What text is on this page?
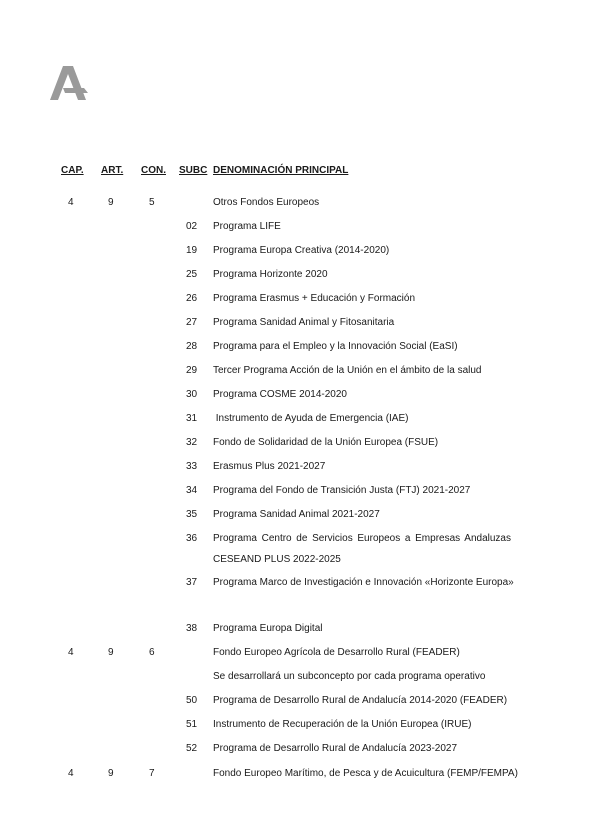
CAP. ART. CON. SUBC DENOMINACIÓN PRINCIPAL
4	9	5	Otros Fondos Europeos
02 Programa LIFE
19 Programa Europa Creativa (2014-2020)
25 Programa Horizonte 2020
26 Programa Erasmus + Educación y Formación
27 Programa Sanidad Animal y Fitosanitaria
28 Programa para el Empleo y la Innovación Social (EaSI)
29 Tercer Programa Acción de la Unión en el ámbito de la salud
30 Programa COSME 2014-2020
31 Instrumento de Ayuda de Emergencia (IAE)
32 Fondo de Solidaridad de la Unión Europea (FSUE)
33 Erasmus Plus 2021-2027
34 Programa del Fondo de Transición Justa (FTJ) 2021-2027
35 Programa Sanidad Animal 2021-2027
36 Programa Centro de Servicios Europeos a Empresas Andaluzas CESEAND PLUS 2022-2025
37 Programa Marco de Investigación e Innovación «Horizonte Europa»
38 Programa Europa Digital
4	9	6	Fondo Europeo Agrícola de Desarrollo Rural (FEADER)
Se desarrollará un subconcepto por cada programa operativo
50 Programa de Desarrollo Rural de Andalucía 2014-2020 (FEADER)
51 Instrumento de Recuperación de la Unión Europea (IRUE)
52 Programa de Desarrollo Rural de Andalucía 2023-2027
4	9	7	Fondo Europeo Marítimo, de Pesca y de Acuicultura (FEMP/FEMPA)
